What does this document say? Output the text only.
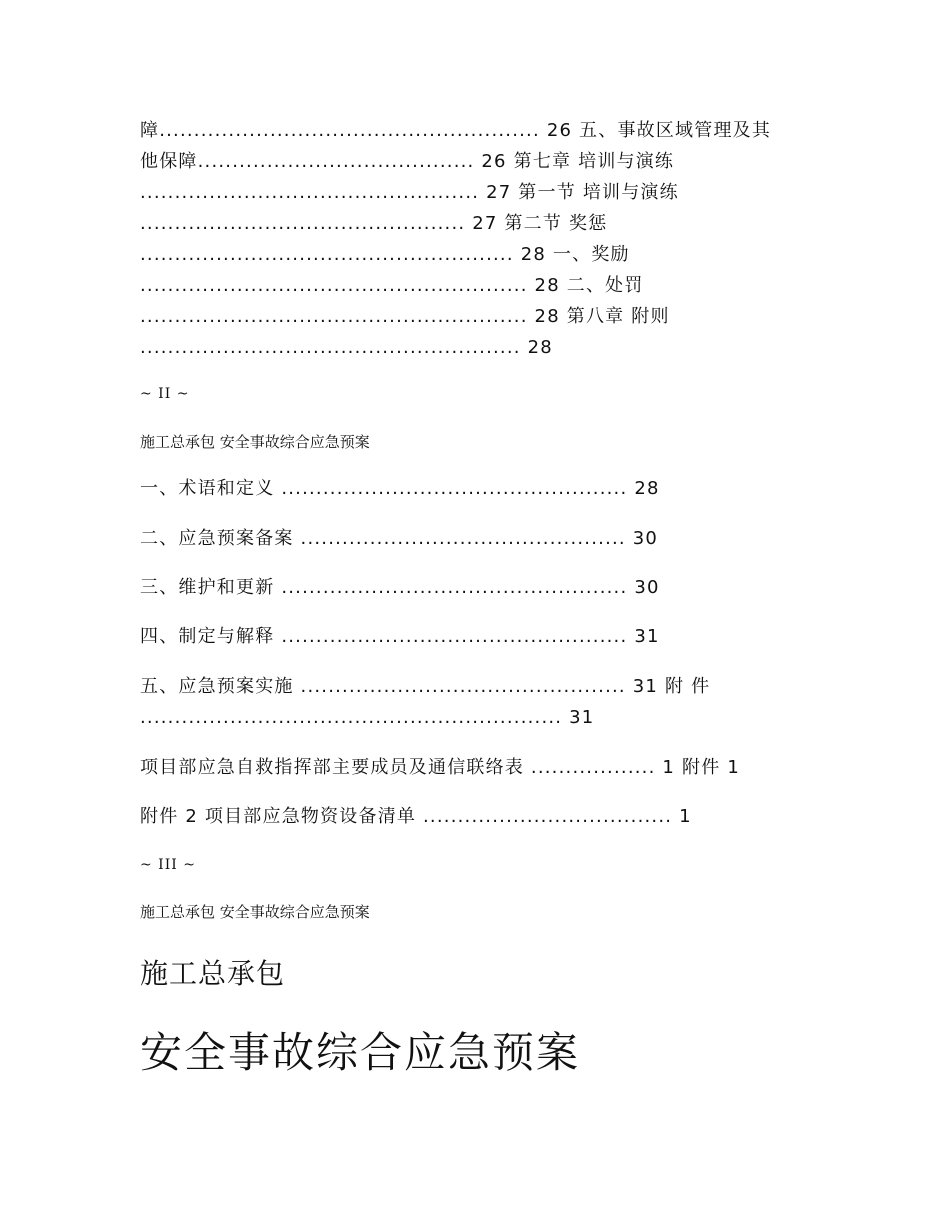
障....................................................... 26 五、事故区域管理及其
他保障........................................ 26 第七章 培训与演练
................................................. 27 第一节 培训与演练
............................................... 27 第二节 奖惩
...................................................... 28 一、奖励
........................................................ 28 二、处罚
........................................................ 28 第八章 附则
....................................................... 28
~ II ~
施工总承包 安全事故综合应急预案
一、术语和定义 .................................................. 28
二、应急预案备案 ............................................... 30
三、维护和更新 .................................................. 30
四、制定与解释 .................................................. 31
五、应急预案实施 ............................................... 31 附 件
............................................................. 31
项目部应急自救指挥部主要成员及通信联络表 .................. 1 附件 1
附件 2 项目部应急物资设备清单 .................................... 1
~ III ~
施工总承包 安全事故综合应急预案
施工总承包
安全事故综合应急预案
